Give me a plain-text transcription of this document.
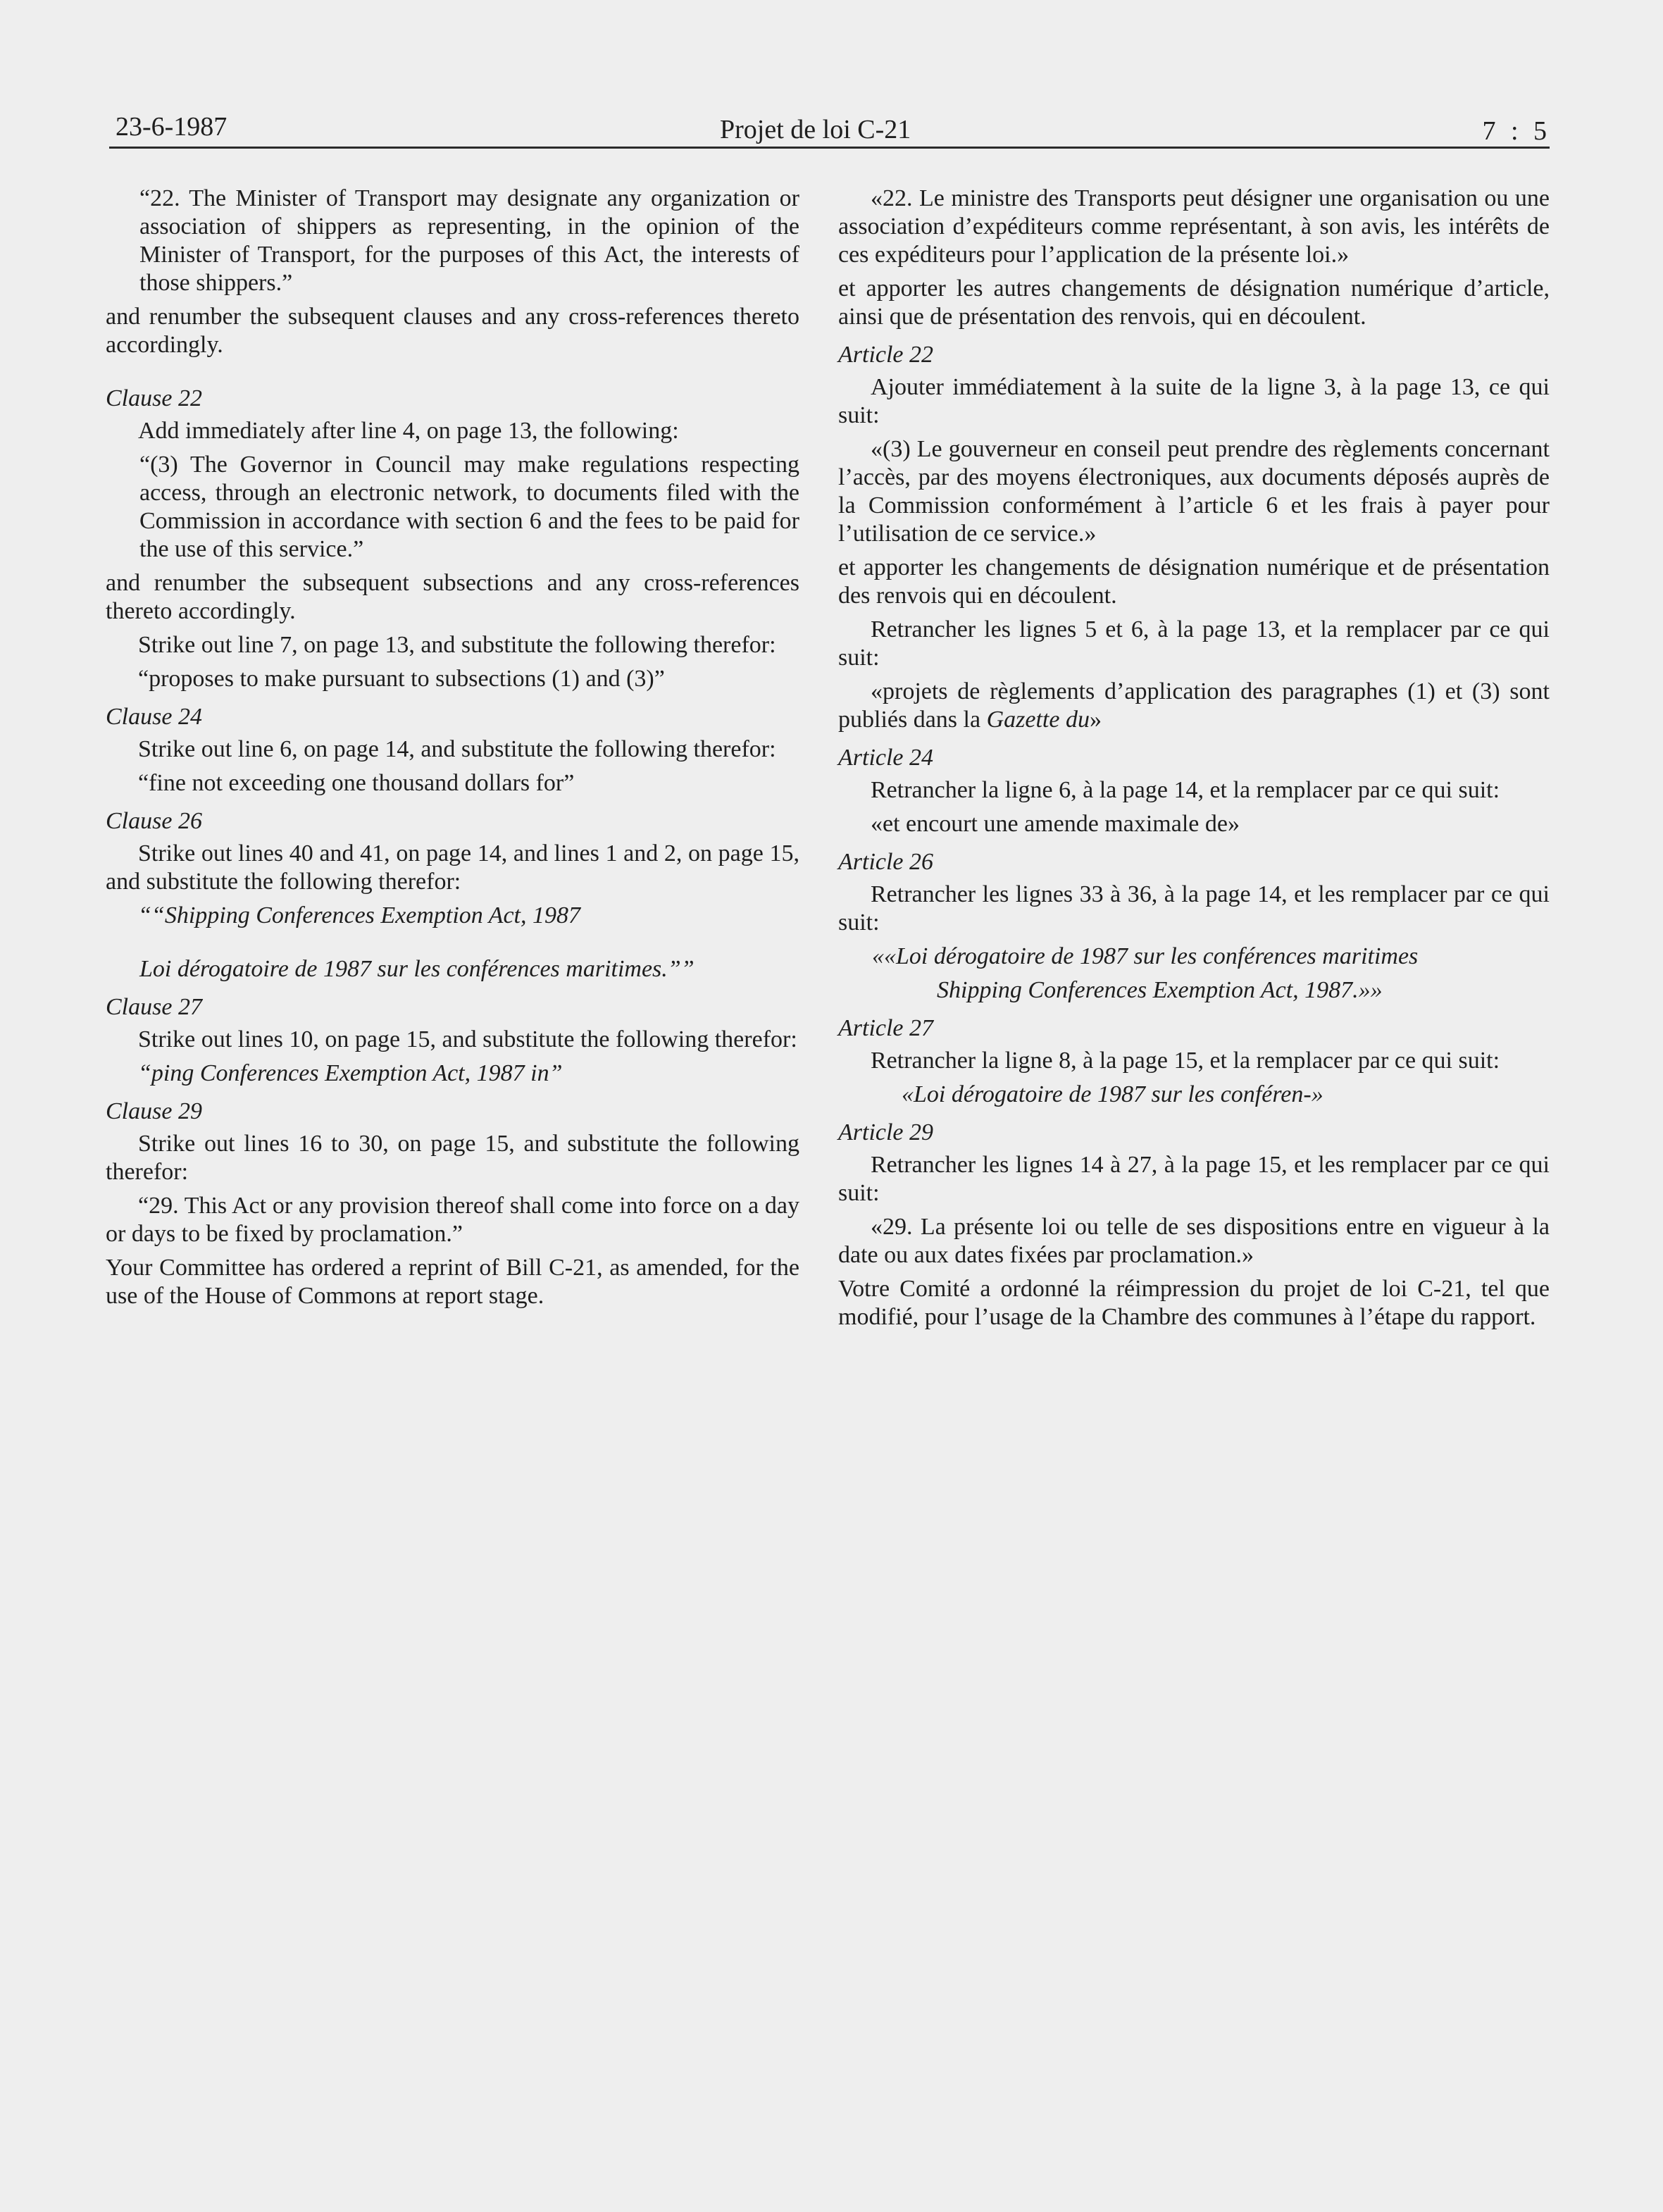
23-6-1987	Projet de loi C-21	7 : 5

“22. The Minister of Transport may designate any organization or association of shippers as representing, in the opinion of the Minister of Transport, for the purposes of this Act, the interests of those shippers.”

and renumber the subsequent clauses and any cross-references thereto accordingly.

Clause 22

Add immediately after line 4, on page 13, the following:

“(3) The Governor in Council may make regulations respecting access, through an electronic network, to documents filed with the Commission in accordance with section 6 and the fees to be paid for the use of this service.”

and renumber the subsequent subsections and any cross-references thereto accordingly.

Strike out line 7, on page 13, and substitute the following therefor:

“proposes to make pursuant to subsections (1) and (3)”

Clause 24

Strike out line 6, on page 14, and substitute the following therefor:

“fine not exceeding one thousand dollars for”

Clause 26

Strike out lines 40 and 41, on page 14, and lines 1 and 2, on page 15, and substitute the following therefor:

““Shipping Conferences Exemption Act, 1987

Loi dérogatoire de 1987 sur les conférences maritimes.””

Clause 27

Strike out lines 10, on page 15, and substitute the following therefor:

“ping Conferences Exemption Act, 1987 in”

Clause 29

Strike out lines 16 to 30, on page 15, and substitute the following therefor:

“29. This Act or any provision thereof shall come into force on a day or days to be fixed by proclamation.”

Your Committee has ordered a reprint of Bill C-21, as amended, for the use of the House of Commons at report stage.

«22. Le ministre des Transports peut désigner une organisation ou une association d’expéditeurs comme représentant, à son avis, les intérêts de ces expéditeurs pour l’application de la présente loi.»

et apporter les autres changements de désignation numérique d’article, ainsi que de présentation des renvois, qui en découlent.

Article 22

Ajouter immédiatement à la suite de la ligne 3, à la page 13, ce qui suit:

«(3) Le gouverneur en conseil peut prendre des règlements concernant l’accès, par des moyens électroniques, aux documents déposés auprès de la Commission conformément à l’article 6 et les frais à payer pour l’utilisation de ce service.»

et apporter les changements de désignation numérique et de présentation des renvois qui en découlent.

Retrancher les lignes 5 et 6, à la page 13, et la remplacer par ce qui suit:

«projets de règlements d’application des paragraphes (1) et (3) sont publiés dans la Gazette du»

Article 24

Retrancher la ligne 6, à la page 14, et la remplacer par ce qui suit:

«et encourt une amende maximale de»

Article 26

Retrancher les lignes 33 à 36, à la page 14, et les remplacer par ce qui suit:

««Loi dérogatoire de 1987 sur les conférences maritimes

Shipping Conferences Exemption Act, 1987.»»

Article 27

Retrancher la ligne 8, à la page 15, et la remplacer par ce qui suit:

«Loi dérogatoire de 1987 sur les conféren-»

Article 29

Retrancher les lignes 14 à 27, à la page 15, et les remplacer par ce qui suit:

«29. La présente loi ou telle de ses dispositions entre en vigueur à la date ou aux dates fixées par proclamation.»

Votre Comité a ordonné la réimpression du projet de loi C-21, tel que modifié, pour l’usage de la Chambre des communes à l’étape du rapport.
